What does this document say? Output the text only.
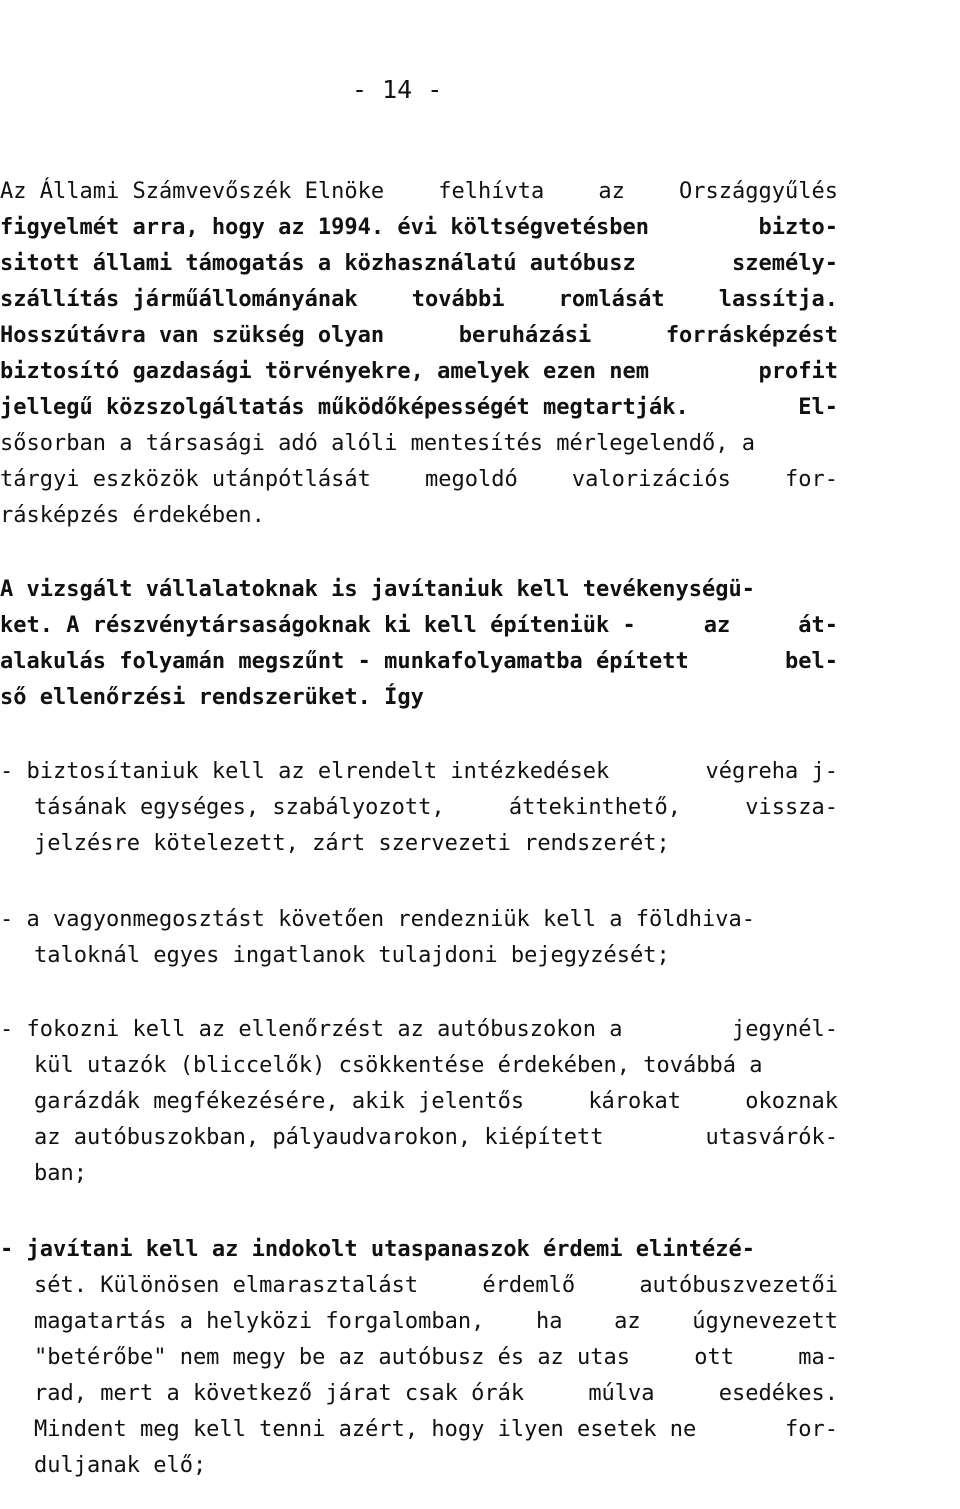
- 14 -
Az Állami Számvevőszék Elnöke felhívta az Országgyűlés
figyelmét arra, hogy az 1994. évi költségvetésben	bizto-
sitott állami támogatás a közhasználatú autóbusz	személy-
szállítás járműállományának további romlását lassítja.
Hosszútávra van szükség olyan	beruházási	forrásképzést
biztosító gazdasági törvényekre, amelyek ezen nem	profit
jellegű közszolgáltatás működőképességét megtartják.	El-
sősorban a társasági adó alóli mentesítés mérlegelendő, a
tárgyi eszközök utánpótlását megoldó valorizációs for-
rásképzés érdekében.
A vizsgált vállalatoknak is javítaniuk kell tevékenységü-
ket. A részvénytársaságoknak ki kell építeniük -	az	át-
alakulás folyamán megszűnt - munkafolyamatba épített	bel-
ső ellenőrzési rendszerüket. Így
- biztosítaniuk kell az elrendelt intézkedések	végreha j-
tásának egységes, szabályozott,	áttekinthető,	vissza-
jelzésre kötelezett, zárt szervezeti rendszerét;
- a vagyonmegosztást követően rendezniük kell a földhiva-
taloknál egyes ingatlanok tulajdoni bejegyzését;
- fokozni kell az ellenőrzést az autóbuszokon a	jegynél-
kül utazók (bliccelők) csökkentése érdekében, továbbá a
garázdák megfékezésére, akik jelentős	károkat	okoznak
az autóbuszokban, pályaudvarokon, kiépített	utasvárók-
ban;
- javítani kell az indokolt utaspanaszok érdemi elintézé-
sét. Különösen elmarasztalást	érdemlő	autóbuszvezetői
magatartás a helyközi forgalomban, ha az úgynevezett
"betérőbe" nem megy be az autóbusz és az utas	ott	ma-
rad, mert a következő járat csak órák	múlva	esedékes.
Mindent meg kell tenni azért, hogy ilyen esetek ne	for-
duljanak elő;
